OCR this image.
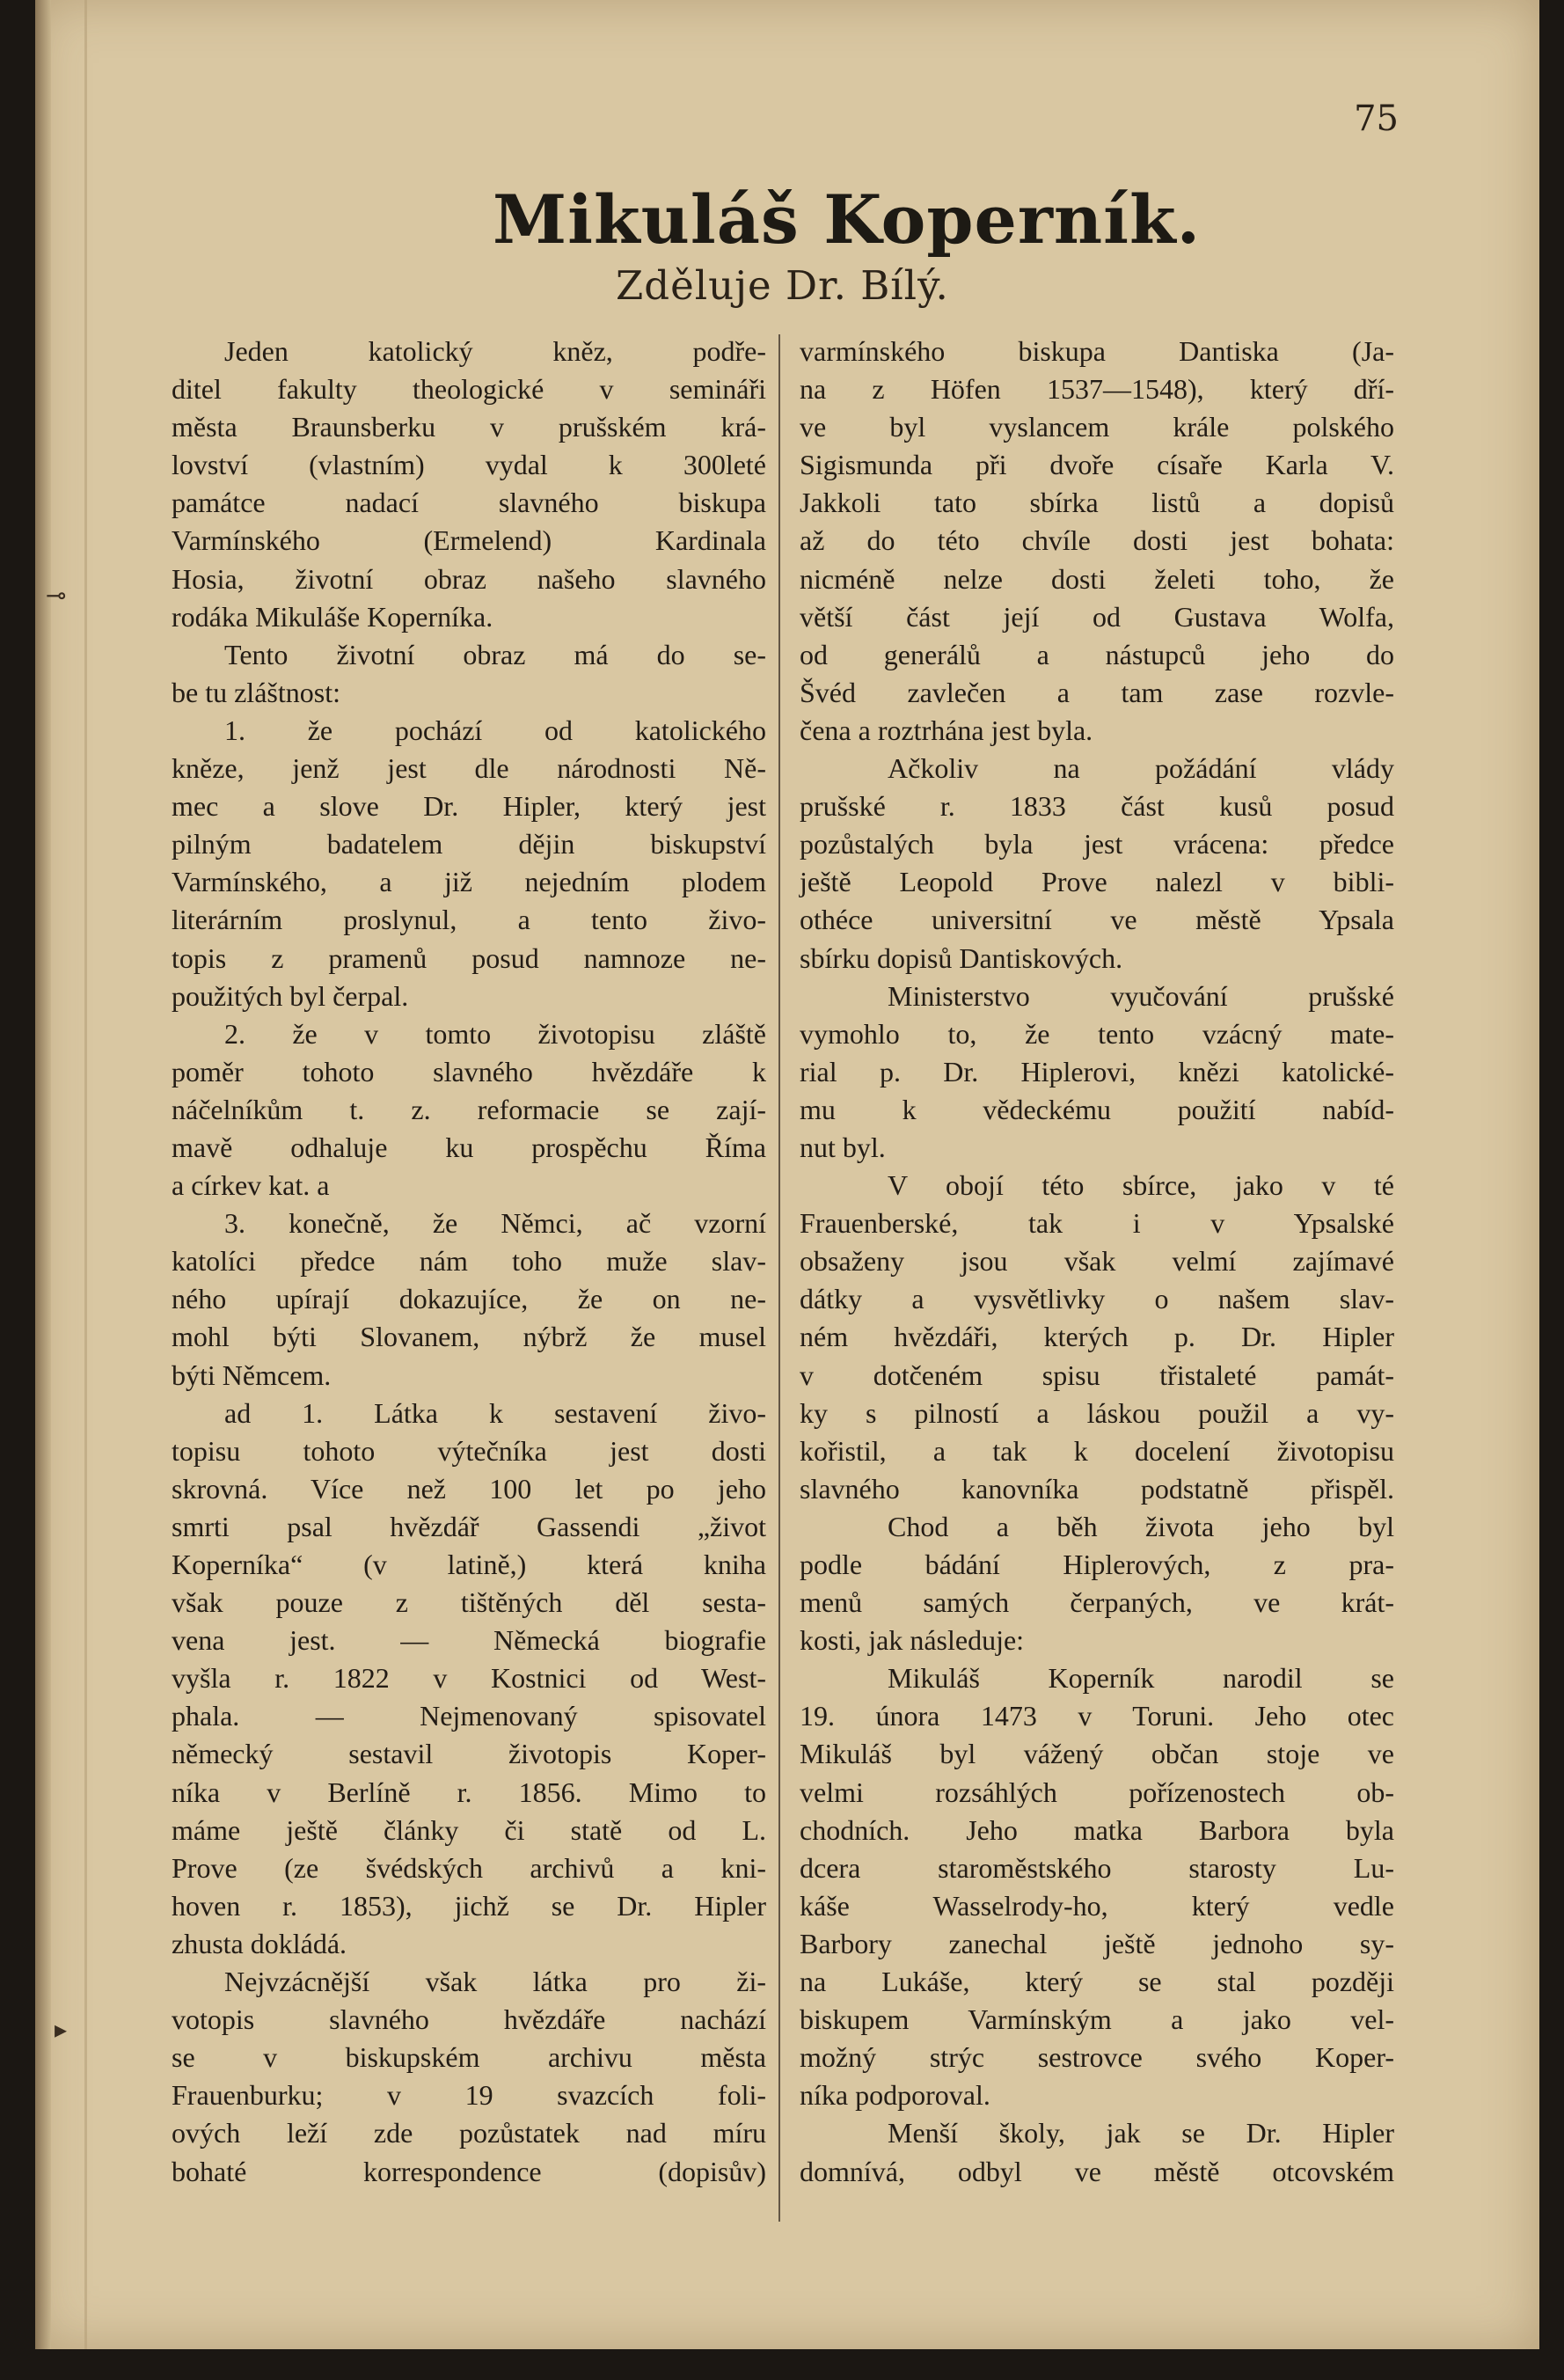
75
Mikuláš Koperník.
Zděluje Dr. Bílý.
⊸
▸
Jeden katolický kněz, podře-
ditel fakulty theologické v semináři
města Braunsberku v prušském krá-
lovství (vlastním) vydal k 300leté
památce nadací slavného biskupa
Varmínského (Ermelend) Kardinala
Hosia, životní obraz našeho slavného
rodáka Mikuláše Koperníka.
Tento životní obraz má do se-
be tu zláštnost:
1. že pochází od katolického
kněze, jenž jest dle národnosti Ně-
mec a slove Dr. Hipler, který jest
pilným badatelem dějin biskupství
Varmínského, a již nejedním plodem
literárním proslynul, a tento živo-
topis z pramenů posud namnoze ne-
použitých byl čerpal.
2. že v tomto životopisu zláště
poměr tohoto slavného hvězdáře k
náčelníkům t. z. reformacie se zají-
mavě odhaluje ku prospěchu Říma
a církev kat. a
3. konečně, že Němci, ač vzorní
katolíci předce nám toho muže slav-
ného upírají dokazujíce, že on ne-
mohl býti Slovanem, nýbrž že musel
býti Němcem.
ad 1. Látka k sestavení živo-
topisu tohoto výtečníka jest dosti
skrovná. Více než 100 let po jeho
smrti psal hvězdář Gassendi „život
Koperníka“ (v latině,) která kniha
však pouze z tištěných děl sesta-
vena jest. — Německá biografie
vyšla r. 1822 v Kostnici od West-
phala. — Nejmenovaný spisovatel
německý sestavil životopis Koper-
níka v Berlíně r. 1856. Mimo to
máme ještě články či statě od L.
Prove (ze švédských archivů a kni-
hoven r. 1853), jichž se Dr. Hipler
zhusta dokládá.
Nejvzácnější však látka pro ži-
votopis slavného hvězdáře nachází
se v biskupském archivu města
Frauenburku; v 19 svazcích foli-
ových leží zde pozůstatek nad míru
bohaté korrespondence (dopisův)
varmínského biskupa Dantiska (Ja-
na z Höfen 1537—1548), který dří-
ve byl vyslancem krále polského
Sigismunda při dvoře císaře Karla V.
Jakkoli tato sbírka listů a dopisů
až do této chvíle dosti jest bohata:
nicméně nelze dosti želeti toho, že
větší část její od Gustava Wolfa,
od generálů a nástupců jeho do
Švéd zavlečen a tam zase rozvle-
čena a roztrhána jest byla.
Ačkoliv na požádání vlády
prušské r. 1833 část kusů posud
pozůstalých byla jest vrácena: předce
ještě Leopold Prove nalezl v bibli-
othéce universitní ve městě Ypsala
sbírku dopisů Dantiskových.
Ministerstvo vyučování prušské
vymohlo to, že tento vzácný mate-
rial p. Dr. Hiplerovi, knězi katolické-
mu k vědeckému použití nabíd-
nut byl.
V obojí této sbírce, jako v té
Frauenberské, tak i v Ypsalské
obsaženy jsou však velmí zajímavé
dátky a vysvětlivky o našem slav-
ném hvězdáři, kterých p. Dr. Hipler
v dotčeném spisu třistaleté památ-
ky s pilností a láskou použil a vy-
kořistil, a tak k docelení životopisu
slavného kanovníka podstatně přispěl.
Chod a běh života jeho byl
podle bádání Hiplerových, z pra-
menů samých čerpaných, ve krát-
kosti, jak následuje:
Mikuláš Koperník narodil se
19. února 1473 v Toruni. Jeho otec
Mikuláš byl vážený občan stoje ve
velmi rozsáhlých pořízenostech ob-
chodních. Jeho matka Barbora byla
dcera staroměstského starosty Lu-
káše Wasselrody-ho, který vedle
Barbory zanechal ještě jednoho sy-
na Lukáše, který se stal později
biskupem Varmínským a jako vel-
možný strýc sestrovce svého Koper-
níka podporoval.
Menší školy, jak se Dr. Hipler
domnívá, odbyl ve městě otcovském
